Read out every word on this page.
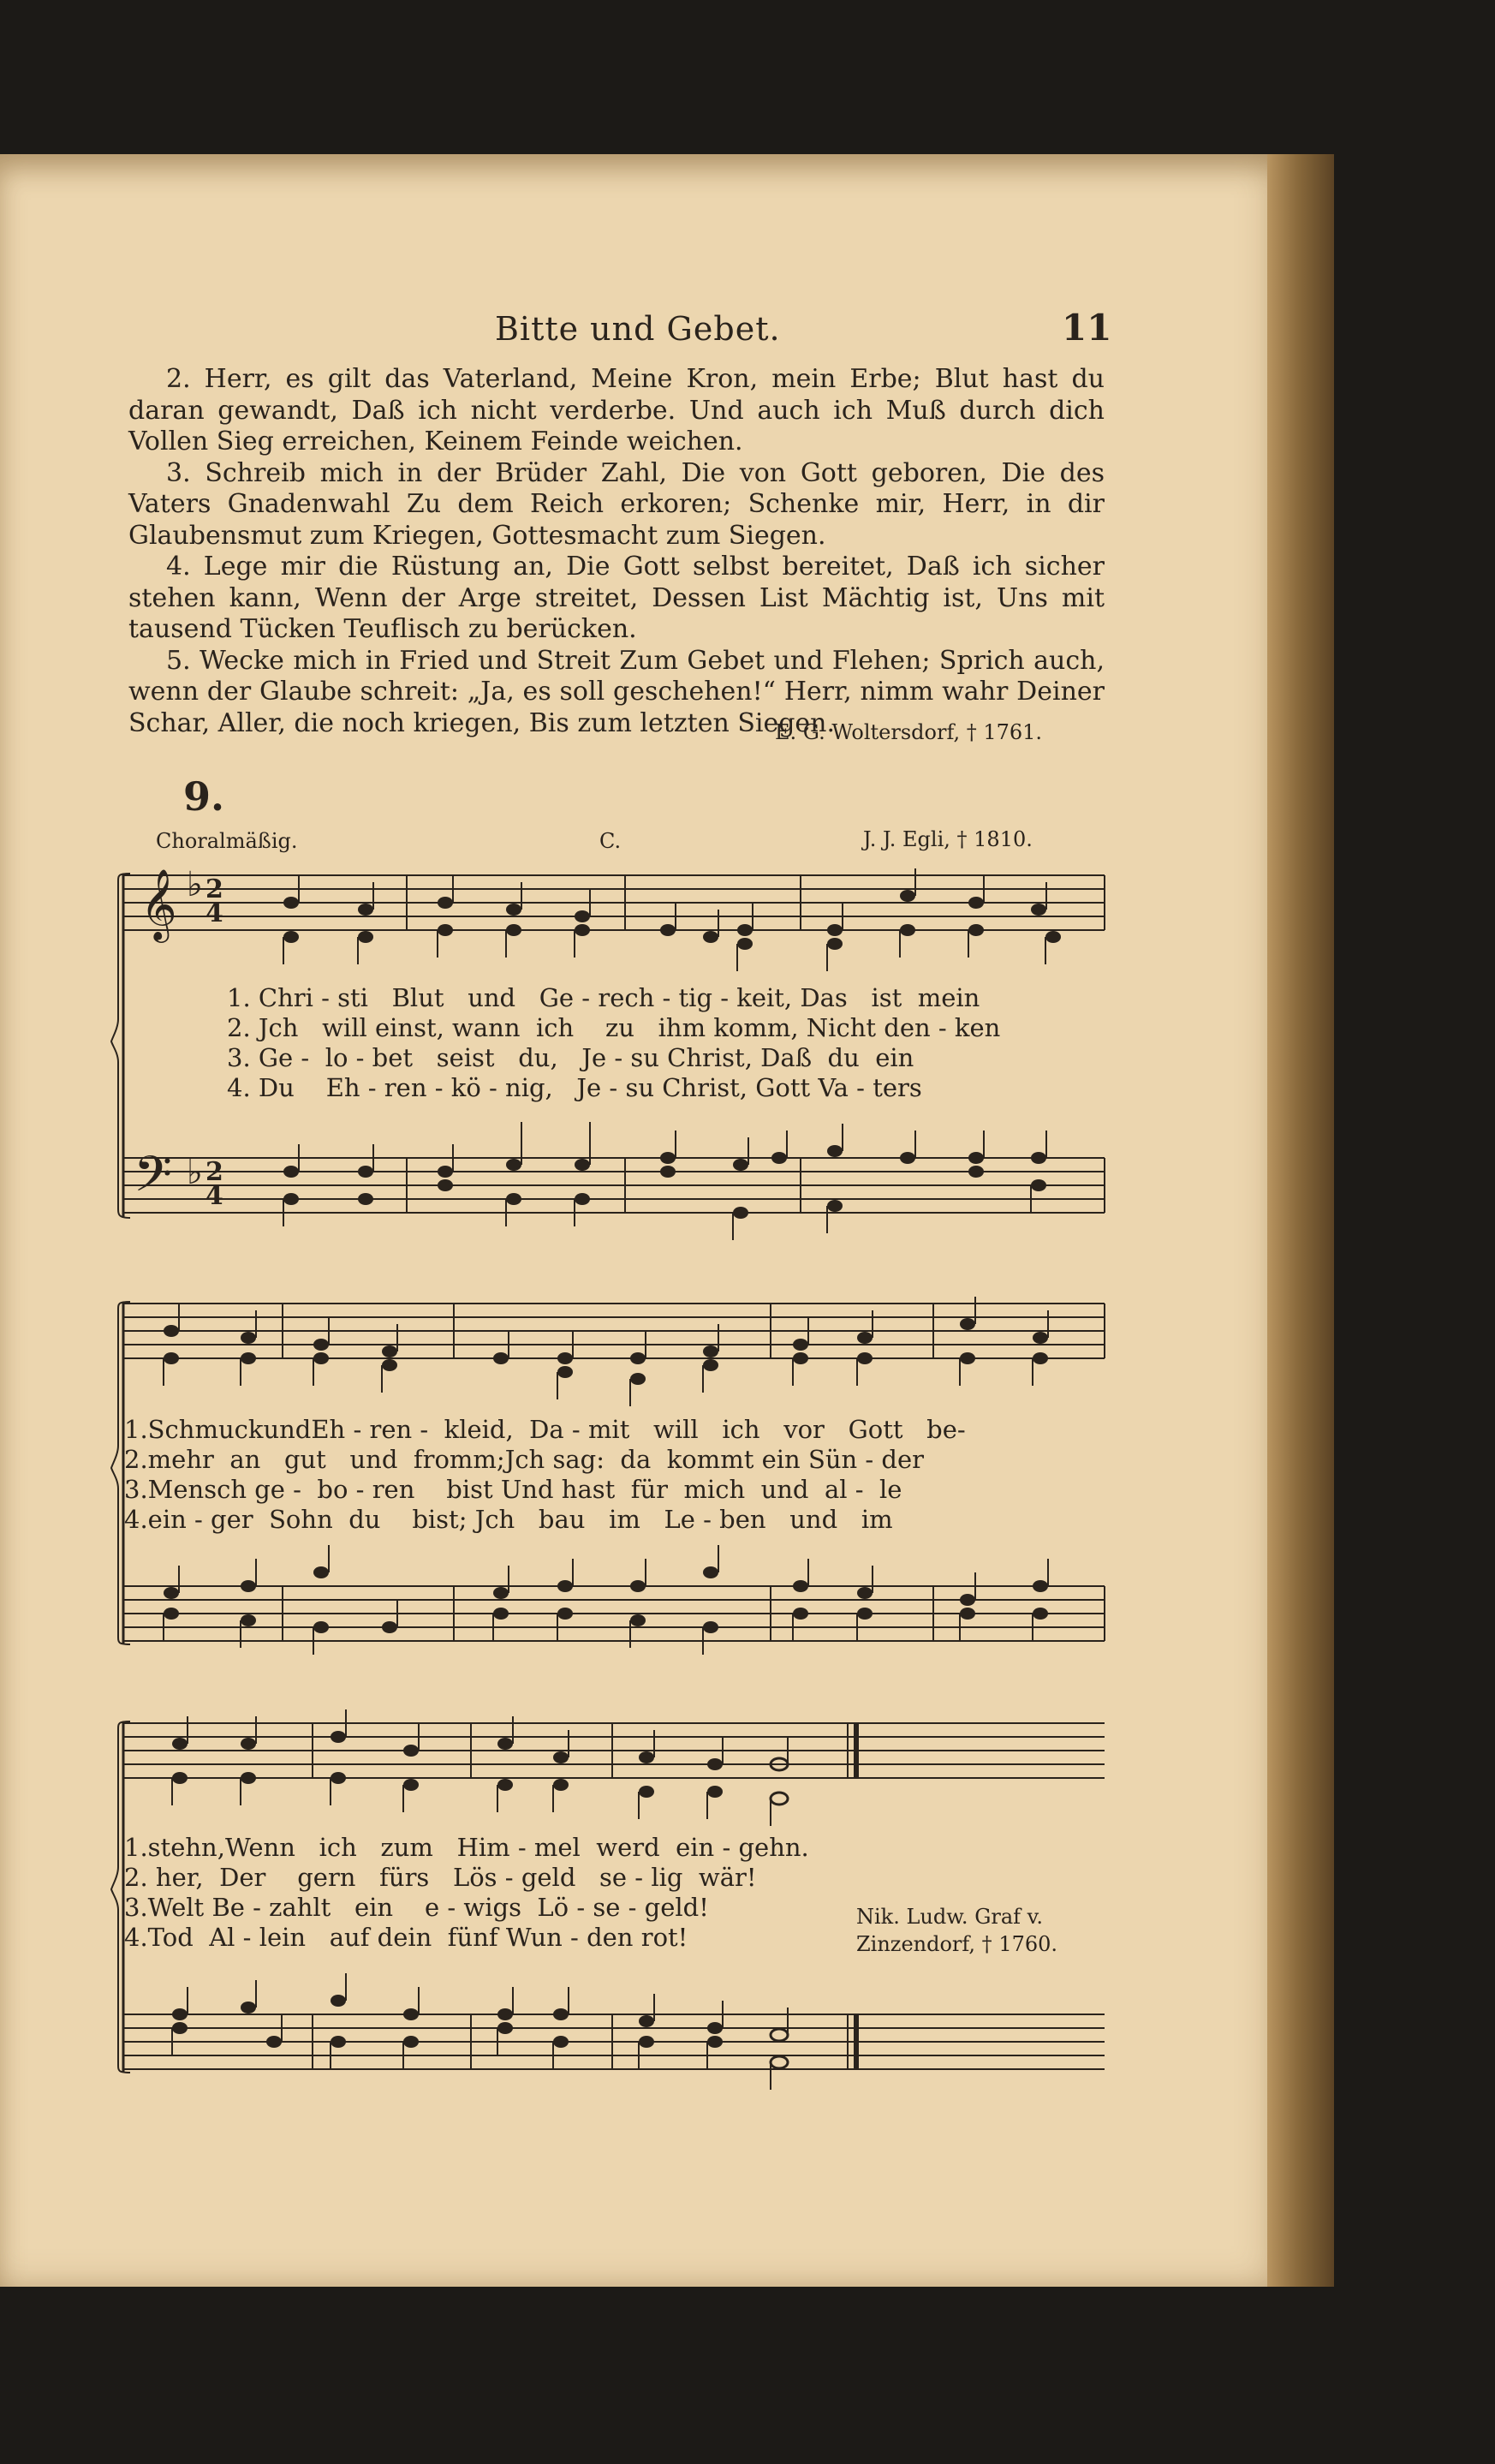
Bitte und Gebet.	11

2. Herr, es gilt das Vaterland, Meine Kron, mein Erbe; Blut hast du daran gewandt, Daß ich nicht verderbe. Und auch ich Muß durch dich Vollen Sieg erreichen, Keinem Feinde weichen.

3. Schreib mich in der Brüder Zahl, Die von Gott geboren, Die des Vaters Gnadenwahl Zu dem Reich erkoren; Schenke mir, Herr, in dir Glaubensmut zum Kriegen, Gottesmacht zum Siegen.

4. Lege mir die Rüstung an, Die Gott selbst bereitet, Daß ich sicher stehen kann, Wenn der Arge streitet, Dessen List Mächtig ist, Uns mit tausend Tücken Teuflisch zu berücken.

5. Wecke mich in Fried und Streit Zum Gebet und Flehen; Sprich auch, wenn der Glaube schreit: „Ja, es soll geschehen!“ Herr, nimm wahr Deiner Schar, Aller, die noch kriegen, Bis zum letzten Siegen.

E. G. Woltersdorf, † 1761.
9.
Choralmäßig.	C.	J. J. Egli, † 1810.
𝄞 ♭ 2
4
𝄢 ♭ 2
4
1. Chri - sti Blut und Ge - rech - tig - keit, Das ist mein
2. Jch will einst, wann ich zu ihm komm, Nicht den - ken
3. Ge - lo - bet seist du, Je - su Christ, Daß du ein
4. Du Eh - ren - kö - nig, Je - su Christ, Gott Va - ters
1.SchmuckundEh - ren - kleid, Da - mit will ich vor Gott be-
2.mehr an gut und fromm;Jch sag: da kommt ein Sün - der
3.Mensch ge - bo - ren bist Und hast für mich und al - le
4.ein - ger Sohn du bist; Jch bau im Le - ben und im
1.stehn,Wenn ich zum Him - mel werd ein - gehn.
2. her, Der gern fürs Lös - geld se - lig wär!
3.Welt Be - zahlt ein e - wigs Lö - se - geld!
4.Tod Al - lein auf dein fünf Wun - den rot!
Nik. Ludw. Graf v.
Zinzendorf, † 1760.
